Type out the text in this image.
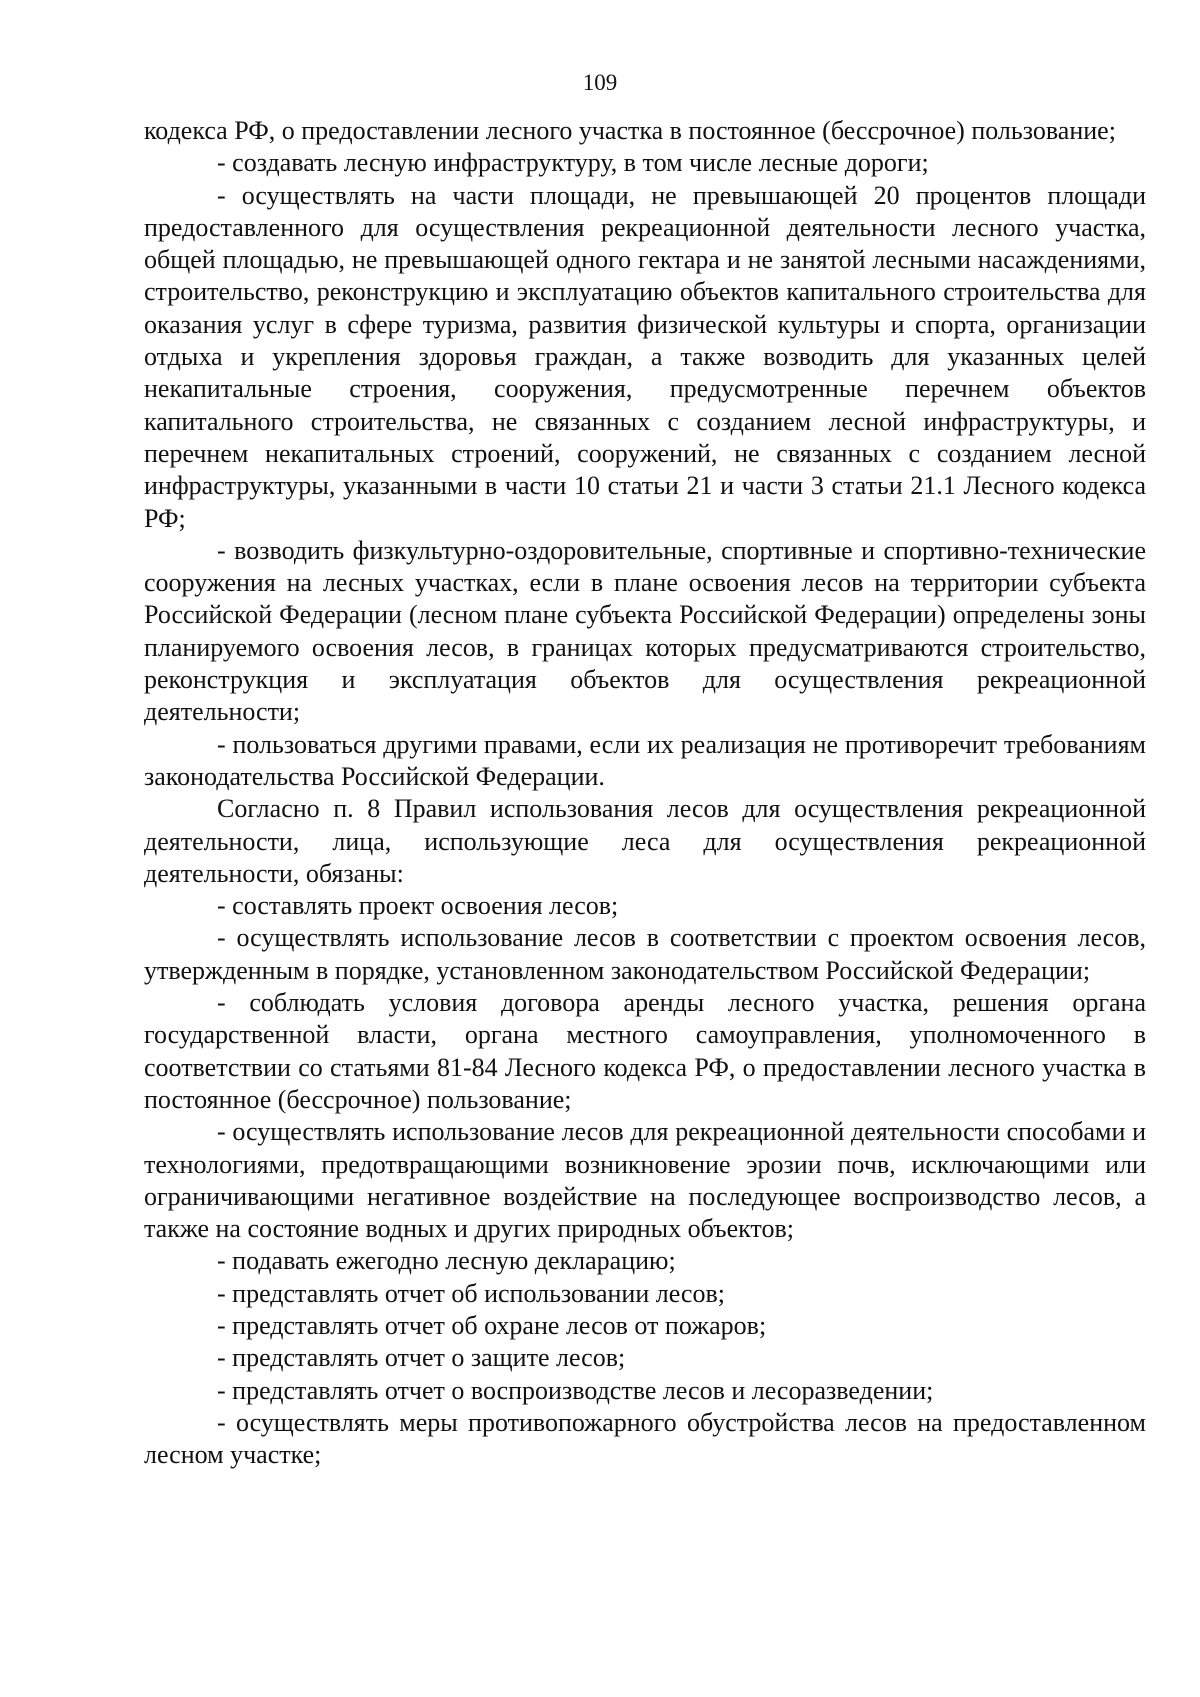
109

кодекса РФ, о предоставлении лесного участка в постоянное (бессрочное) пользование;

- создавать лесную инфраструктуру, в том числе лесные дороги;

- осуществлять на части площади, не превышающей 20 процентов площади предоставленного для осуществления рекреационной деятельности лесного участка, общей площадью, не превышающей одного гектара и не занятой лесными насаждениями, строительство, реконструкцию и эксплуатацию объектов капитального строительства для оказания услуг в сфере туризма, развития физической культуры и спорта, организации отдыха и укрепления здоровья граждан, а также возводить для указанных целей некапитальные строения, сооружения, предусмотренные перечнем объектов капитального строительства, не связанных с созданием лесной инфраструктуры, и перечнем некапитальных строений, сооружений, не связанных с созданием лесной инфраструктуры, указанными в части 10 статьи 21 и части 3 статьи 21.1 Лесного кодекса РФ;

- возводить физкультурно-оздоровительные, спортивные и спортивно-технические сооружения на лесных участках, если в плане освоения лесов на территории субъекта Российской Федерации (лесном плане субъекта Российской Федерации) определены зоны планируемого освоения лесов, в границах которых предусматриваются строительство, реконструкция и эксплуатация объектов для осуществления рекреационной деятельности;

- пользоваться другими правами, если их реализация не противоречит требованиям законодательства Российской Федерации.

Согласно п. 8 Правил использования лесов для осуществления рекреационной деятельности, лица, использующие леса для осуществления рекреационной деятельности, обязаны:

- составлять проект освоения лесов;

- осуществлять использование лесов в соответствии с проектом освоения лесов, утвержденным в порядке, установленном законодательством Российской Федерации;

- соблюдать условия договора аренды лесного участка, решения органа государственной власти, органа местного самоуправления, уполномоченного в соответствии со статьями 81-84 Лесного кодекса РФ, о предоставлении лесного участка в постоянное (бессрочное) пользование;

- осуществлять использование лесов для рекреационной деятельности способами и технологиями, предотвращающими возникновение эрозии почв, исключающими или ограничивающими негативное воздействие на последующее воспроизводство лесов, а также на состояние водных и других природных объектов;

- подавать ежегодно лесную декларацию;

- представлять отчет об использовании лесов;

- представлять отчет об охране лесов от пожаров;

- представлять отчет о защите лесов;

- представлять отчет о воспроизводстве лесов и лесоразведении;

- осуществлять меры противопожарного обустройства лесов на предоставленном лесном участке;
